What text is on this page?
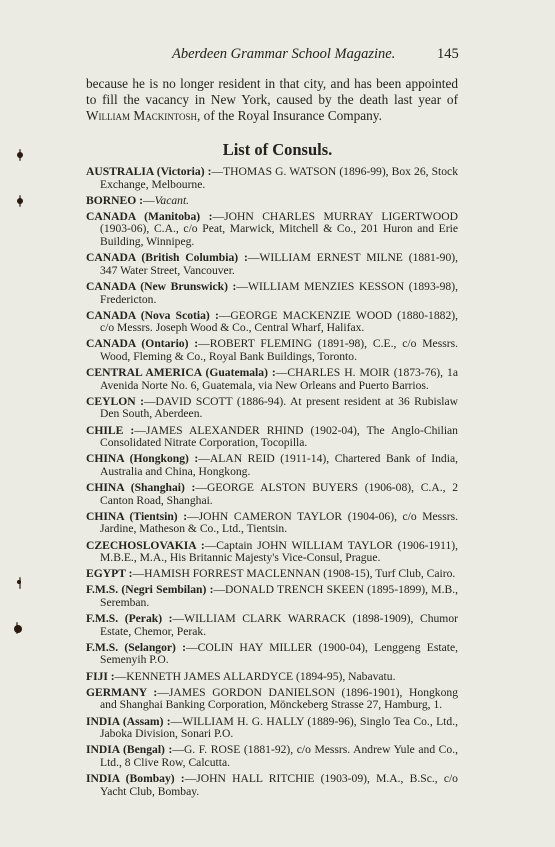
Aberdeen Grammar School Magazine.	145

because he is no longer resident in that city, and has been appointed to fill the vacancy in New York, caused by the death last year of William Mackintosh, of the Royal Insurance Company.

List of Consuls.

AUSTRALIA (Victoria) :—THOMAS G. WATSON (1896-99), Box 26, Stock Exchange, Melbourne.

BORNEO :—Vacant.

CANADA (Manitoba) :—JOHN CHARLES MURRAY LIGERTWOOD (1903-06), C.A., c/o Peat, Marwick, Mitchell & Co., 201 Huron and Erie Building, Winnipeg.

CANADA (British Columbia) :—WILLIAM ERNEST MILNE (1881-90), 347 Water Street, Vancouver.

CANADA (New Brunswick) :—WILLIAM MENZIES KESSON (1893-98), Fredericton.

CANADA (Nova Scotia) :—GEORGE MACKENZIE WOOD (1880-1882), c/o Messrs. Joseph Wood & Co., Central Wharf, Halifax.

CANADA (Ontario) :—ROBERT FLEMING (1891-98), C.E., c/o Messrs. Wood, Fleming & Co., Royal Bank Buildings, Toronto.

CENTRAL AMERICA (Guatemala) :—CHARLES H. MOIR (1873-76), 1a Avenida Norte No. 6, Guatemala, via New Orleans and Puerto Barrios.

CEYLON :—DAVID SCOTT (1886-94). At present resident at 36 Rubislaw Den South, Aberdeen.

CHILE :—JAMES ALEXANDER RHIND (1902-04), The Anglo-Chilian Consolidated Nitrate Corporation, Tocopilla.

CHINA (Hongkong) :—ALAN REID (1911-14), Chartered Bank of India, Australia and China, Hongkong.

CHINA (Shanghai) :—GEORGE ALSTON BUYERS (1906-08), C.A., 2 Canton Road, Shanghai.

CHINA (Tientsin) :—JOHN CAMERON TAYLOR (1904-06), c/o Messrs. Jardine, Matheson & Co., Ltd., Tientsin.

CZECHOSLOVAKIA :—Captain JOHN WILLIAM TAYLOR (1906-1911), M.B.E., M.A., His Britannic Majesty's Vice-Consul, Prague.

EGYPT :—HAMISH FORREST MACLENNAN (1908-15), Turf Club, Cairo.

F.M.S. (Negri Sembilan) :—DONALD TRENCH SKEEN (1895-1899), M.B., Seremban.

F.M.S. (Perak) :—WILLIAM CLARK WARRACK (1898-1909), Chumor Estate, Chemor, Perak.

F.M.S. (Selangor) :—COLIN HAY MILLER (1900-04), Lenggeng Estate, Semenyih P.O.

FIJI :—KENNETH JAMES ALLARDYCE (1894-95), Nabavatu.

GERMANY :—JAMES GORDON DANIELSON (1896-1901), Hongkong and Shanghai Banking Corporation, Mönckeberg Strasse 27, Hamburg, 1.

INDIA (Assam) :—WILLIAM H. G. HALLY (1889-96), Singlo Tea Co., Ltd., Jaboka Division, Sonari P.O.

INDIA (Bengal) :—G. F. ROSE (1881-92), c/o Messrs. Andrew Yule and Co., Ltd., 8 Clive Row, Calcutta.

INDIA (Bombay) :—JOHN HALL RITCHIE (1903-09), M.A., B.Sc., c/o Yacht Club, Bombay.
